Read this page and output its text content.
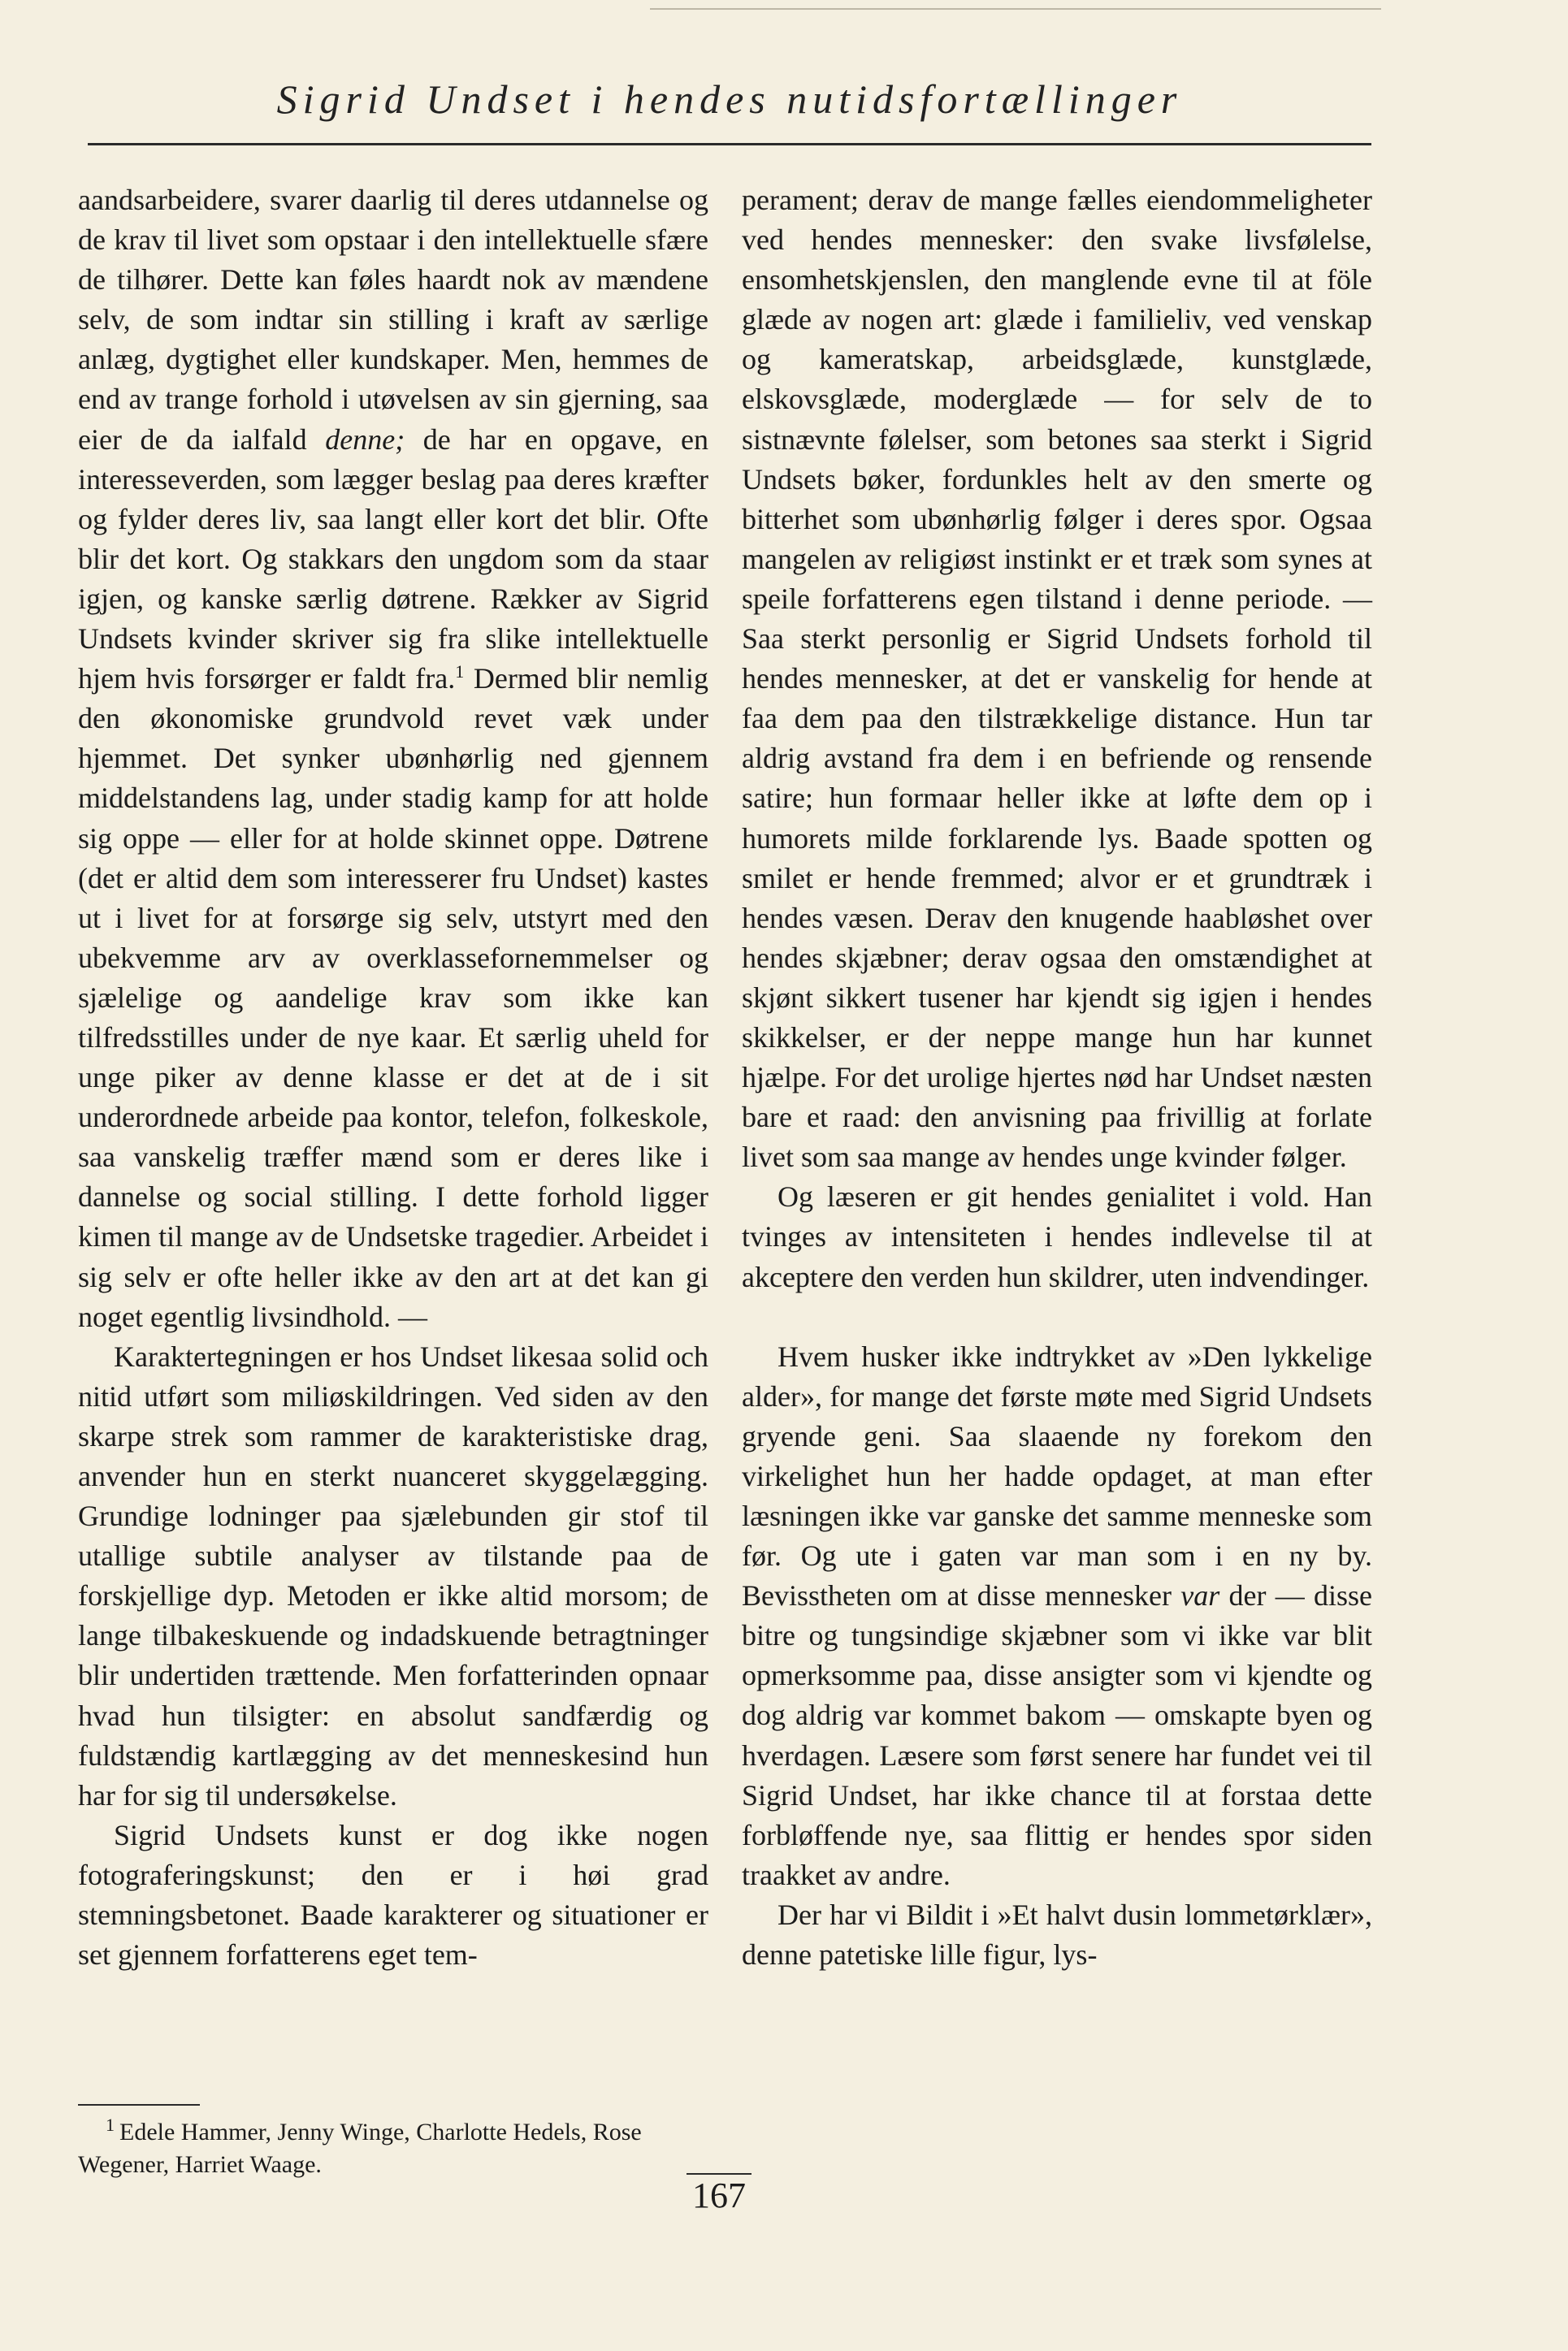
Sigrid Undset i hendes nutidsfortællinger

aandsarbeidere, svarer daarlig til deres utdannelse og de krav til livet som opstaar i den intellektuelle sfære de tilhører. Dette kan føles haardt nok av mændene selv, de som indtar sin stilling i kraft av særlige anlæg, dygtighet eller kundskaper. Men, hemmes de end av trange forhold i utøvelsen av sin gjerning, saa eier de da ialfald denne; de har en opgave, en interesseverden, som lægger beslag paa deres kræfter og fylder deres liv, saa langt eller kort det blir. Ofte blir det kort. Og stakkars den ungdom som da staar igjen, og kanske særlig døtrene. Rækker av Sigrid Undsets kvinder skriver sig fra slike intellektuelle hjem hvis forsørger er faldt fra.$^1$ Dermed blir nemlig den økonomiske grundvold revet væk under hjemmet. Det synker ubønhørlig ned gjennem middelstandens lag, under stadig kamp for att holde sig oppe — eller for at holde skinnet oppe. Døtrene (det er altid dem som interesserer fru Undset) kastes ut i livet for at forsørge sig selv, utstyrt med den ubekvemme arv av overklassefornemmelser og sjælelige og aandelige krav som ikke kan tilfredsstilles under de nye kaar. Et særlig uheld for unge piker av denne klasse er det at de i sit underordnede arbeide paa kontor, telefon, folkeskole, saa vanskelig træffer mænd som er deres like i dannelse og social stilling. I dette forhold ligger kimen til mange av de Undsetske tragedier. Arbeidet i sig selv er ofte heller ikke av den art at det kan gi noget egentlig livsindhold. —

Karaktertegningen er hos Undset likesaa solid och nitid utført som miliøskildringen. Ved siden av den skarpe strek som rammer de karakteristiske drag, anvender hun en sterkt nuanceret skyggelægging. Grundige lodninger paa sjælebunden gir stof til utallige subtile analyser av tilstande paa de forskjellige dyp. Metoden er ikke altid morsom; de lange tilbakeskuende og indadskuende betragtninger blir undertiden trættende. Men forfatterinden opnaar hvad hun tilsigter: en absolut sandfærdig og fuldstændig kartlægging av det menneskesind hun har for sig til undersøkelse.

Sigrid Undsets kunst er dog ikke nogen fotograferingskunst; den er i høi grad stemningsbetonet. Baade karakterer og situationer er set gjennem forfatterens eget tem-

$^1$ Edele Hammer, Jenny Winge, Charlotte Hedels, Rose Wegener, Harriet Waage.

perament; derav de mange fælles eiendommeligheter ved hendes mennesker: den svake livsfølelse, ensomhetskjenslen, den manglende evne til at föle glæde av nogen art: glæde i familieliv, ved venskap og kameratskap, arbeidsglæde, kunstglæde, elskovsglæde, moderglæde — for selv de to sistnævnte følelser, som betones saa sterkt i Sigrid Undsets bøker, fordunkles helt av den smerte og bitterhet som ubønhørlig følger i deres spor. Ogsaa mangelen av religiøst instinkt er et træk som synes at speile forfatterens egen tilstand i denne periode. — Saa sterkt personlig er Sigrid Undsets forhold til hendes mennesker, at det er vanskelig for hende at faa dem paa den tilstrækkelige distance. Hun tar aldrig avstand fra dem i en befriende og rensende satire; hun formaar heller ikke at løfte dem op i humorets milde forklarende lys. Baade spotten og smilet er hende fremmed; alvor er et grundtræk i hendes væsen. Derav den knugende haabløshet over hendes skjæbner; derav ogsaa den omstændighet at skjønt sikkert tusener har kjendt sig igjen i hendes skikkelser, er der neppe mange hun har kunnet hjælpe. For det urolige hjertes nød har Undset næsten bare et raad: den anvisning paa frivillig at forlate livet som saa mange av hendes unge kvinder følger.

Og læseren er git hendes genialitet i vold. Han tvinges av intensiteten i hendes indlevelse til at akceptere den verden hun skildrer, uten indvendinger.

Hvem husker ikke indtrykket av »Den lykkelige alder», for mange det første møte med Sigrid Undsets gryende geni. Saa slaaende ny forekom den virkelighet hun her hadde opdaget, at man efter læsningen ikke var ganske det samme menneske som før. Og ute i gaten var man som i en ny by. Bevisstheten om at disse mennesker var der — disse bitre og tungsindige skjæbner som vi ikke var blit opmerksomme paa, disse ansigter som vi kjendte og dog aldrig var kommet bakom — omskapte byen og hverdagen. Læsere som først senere har fundet vei til Sigrid Undset, har ikke chance til at forstaa dette forbløffende nye, saa flittig er hendes spor siden traakket av andre.

Der har vi Bildit i »Et halvt dusin lommetørklær», denne patetiske lille figur, lys-

167
